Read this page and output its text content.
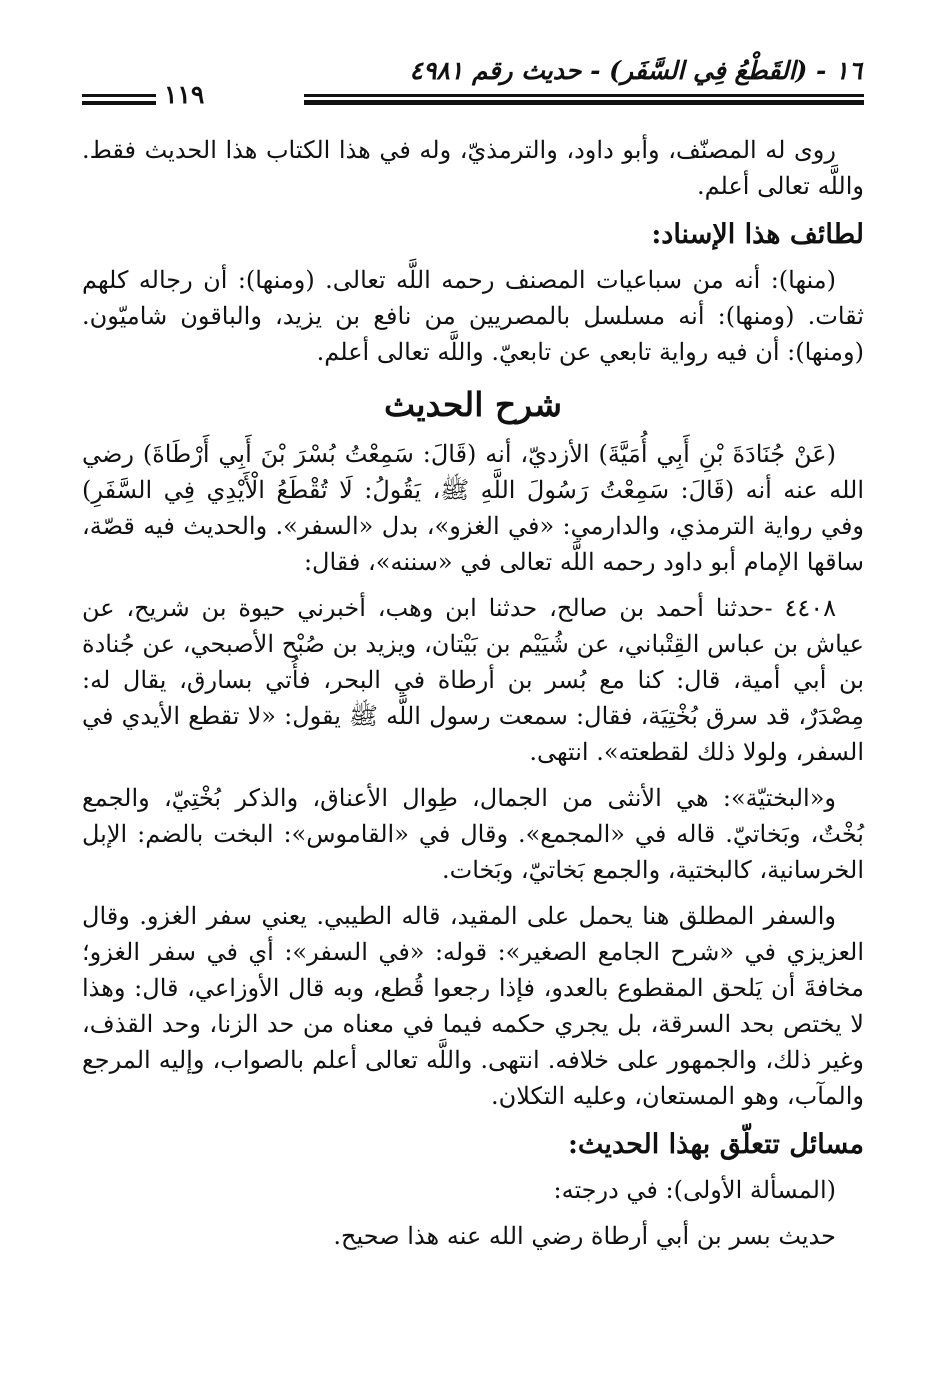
١٦ - (القَطْعُ فِي السَّفَر) - حديث رقم ٤٩٨١
١١٩

روى له المصنّف، وأبو داود، والترمذيّ، وله في هذا الكتاب هذا الحديث فقط. واللَّه تعالى أعلم.

لطائف هذا الإسناد:

(منها): أنه من سباعيات المصنف رحمه اللَّه تعالى. (ومنها): أن رجاله كلهم ثقات. (ومنها): أنه مسلسل بالمصريين من نافع بن يزيد، والباقون شاميّون. (ومنها): أن فيه رواية تابعي عن تابعيّ. واللَّه تعالى أعلم.

شرح الحديث

(عَنْ جُنَادَةَ بْنِ أَبِي أُمَيَّةَ) الأزديّ، أنه (قَالَ: سَمِعْتُ بُسْرَ بْنَ أَبِي أَرْطَاةَ) رضي الله عنه أنه (قَالَ: سَمِعْتُ رَسُولَ اللَّهِ ﷺ، يَقُولُ: لَا تُقْطَعُ الْأَيْدِي فِي السَّفَرِ) وفي رواية الترمذي، والدارمي: «في الغزو»، بدل «السفر». والحديث فيه قصّة، ساقها الإمام أبو داود رحمه اللَّه تعالى في «سننه»، فقال:

٤٤٠٨ -حدثنا أحمد بن صالح، حدثنا ابن وهب، أخبرني حيوة بن شريح، عن عياش بن عباس القِتْباني، عن شُيَيْم بن بَيْتان، ويزيد بن صُبْح الأصبحي، عن جُنادة بن أبي أمية، قال: كنا مع بُسر بن أرطاة في البحر، فأُتي بسارق، يقال له: مِصْدَرٌ، قد سرق بُخْتِيَة، فقال: سمعت رسول اللَّه ﷺ يقول: «لا تقطع الأيدي في السفر، ولولا ذلك لقطعته». انتهى.

و«البختيّة»: هي الأنثى من الجمال، طِوال الأعناق، والذكر بُخْتِيّ، والجمع بُخْتٌ، وبَخاتيّ. قاله في «المجمع». وقال في «القاموس»: البخت بالضم: الإبل الخرسانية، كالبختية، والجمع بَخاتيّ، وبَخات.

والسفر المطلق هنا يحمل على المقيد، قاله الطيبي. يعني سفر الغزو. وقال العزيزي في «شرح الجامع الصغير»: قوله: «في السفر»: أي في سفر الغزو؛ مخافةَ أن يَلحق المقطوع بالعدو، فإذا رجعوا قُطع، وبه قال الأوزاعي، قال: وهذا لا يختص بحد السرقة، بل يجري حكمه فيما في معناه من حد الزنا، وحد القذف، وغير ذلك، والجمهور على خلافه. انتهى. واللَّه تعالى أعلم بالصواب، وإليه المرجع والمآب، وهو المستعان، وعليه التكلان.

مسائل تتعلّق بهذا الحديث:

(المسألة الأولى): في درجته:

حديث بسر بن أبي أرطاة رضي الله عنه هذا صحيح.
